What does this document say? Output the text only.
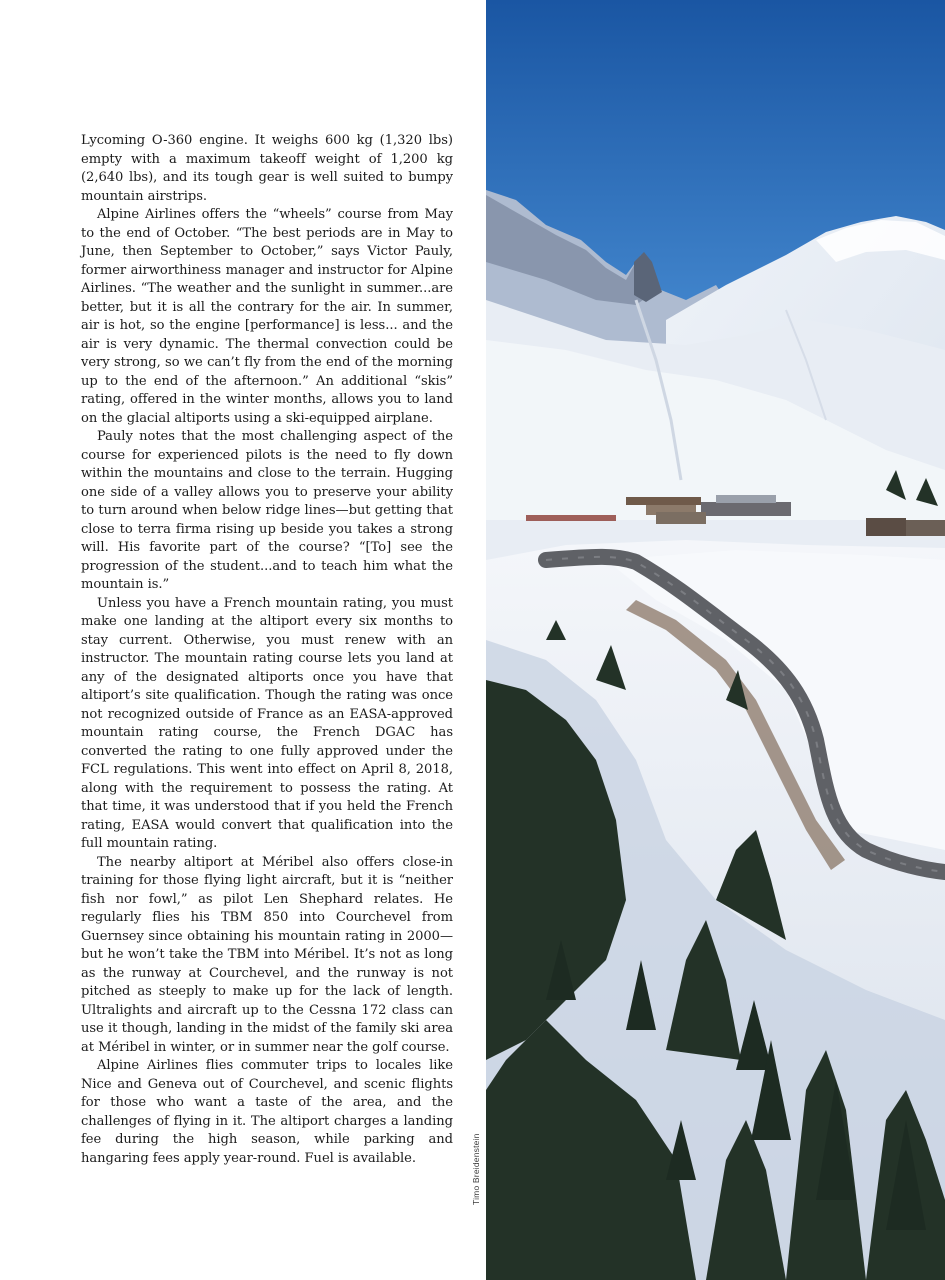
Lycoming O-360 engine. It weighs 600 kg (1,320 lbs) empty with a maximum takeoff weight of 1,200 kg (2,640 lbs), and its tough gear is well suited to bumpy mountain airstrips.

Alpine Airlines offers the “wheels” course from May to the end of October. “The best periods are in May to June, then September to October,” says Victor Pauly, former airworthiness manager and instructor for Alpine Airlines. “The weather and the sunlight in summer...are better, but it is all the contrary for the air. In summer, air is hot, so the engine [performance] is less... and the air is very dynamic. The thermal convection could be very strong, so we can’t fly from the end of the morning up to the end of the afternoon.” An additional “skis” rating, offered in the winter months, allows you to land on the glacial altiports using a ski-equipped airplane.

Pauly notes that the most challenging aspect of the course for experienced pilots is the need to fly down within the mountains and close to the terrain. Hugging one side of a valley allows you to preserve your ability to turn around when below ridge lines—but getting that close to terra firma rising up beside you takes a strong will. His favorite part of the course? “[To] see the progression of the student...and to teach him what the mountain is.”

Unless you have a French mountain rating, you must make one landing at the altiport every six months to stay current. Otherwise, you must renew with an instructor. The mountain rating course lets you land at any of the designated altiports once you have that altiport’s site qualification. Though the rating was once not recognized outside of France as an EASA-approved mountain rating course, the French DGAC has converted the rating to one fully approved under the FCL regulations. This went into effect on April 8, 2018, along with the requirement to possess the rating. At that time, it was understood that if you held the French rating, EASA would convert that qualification into the full mountain rating.

The nearby altiport at Méribel also offers close-in training for those flying light aircraft, but it is “neither fish nor fowl,” as pilot Len Shephard relates. He regularly flies his TBM 850 into Courchevel from Guernsey since obtaining his mountain rating in 2000—but he won’t take the TBM into Méribel. It’s not as long as the runway at Courchevel, and the runway is not pitched as steeply to make up for the lack of length. Ultralights and aircraft up to the Cessna 172 class can use it though, landing in the midst of the family ski area at Méribel in winter, or in summer near the golf course.

Alpine Airlines flies commuter trips to locales like Nice and Geneva out of Courchevel, and scenic flights for those who want a taste of the area, and the challenges of flying in it. The altiport charges a landing fee during the high season, while parking and hangaring fees apply year-round. Fuel is available.	Timo Breidenstein
